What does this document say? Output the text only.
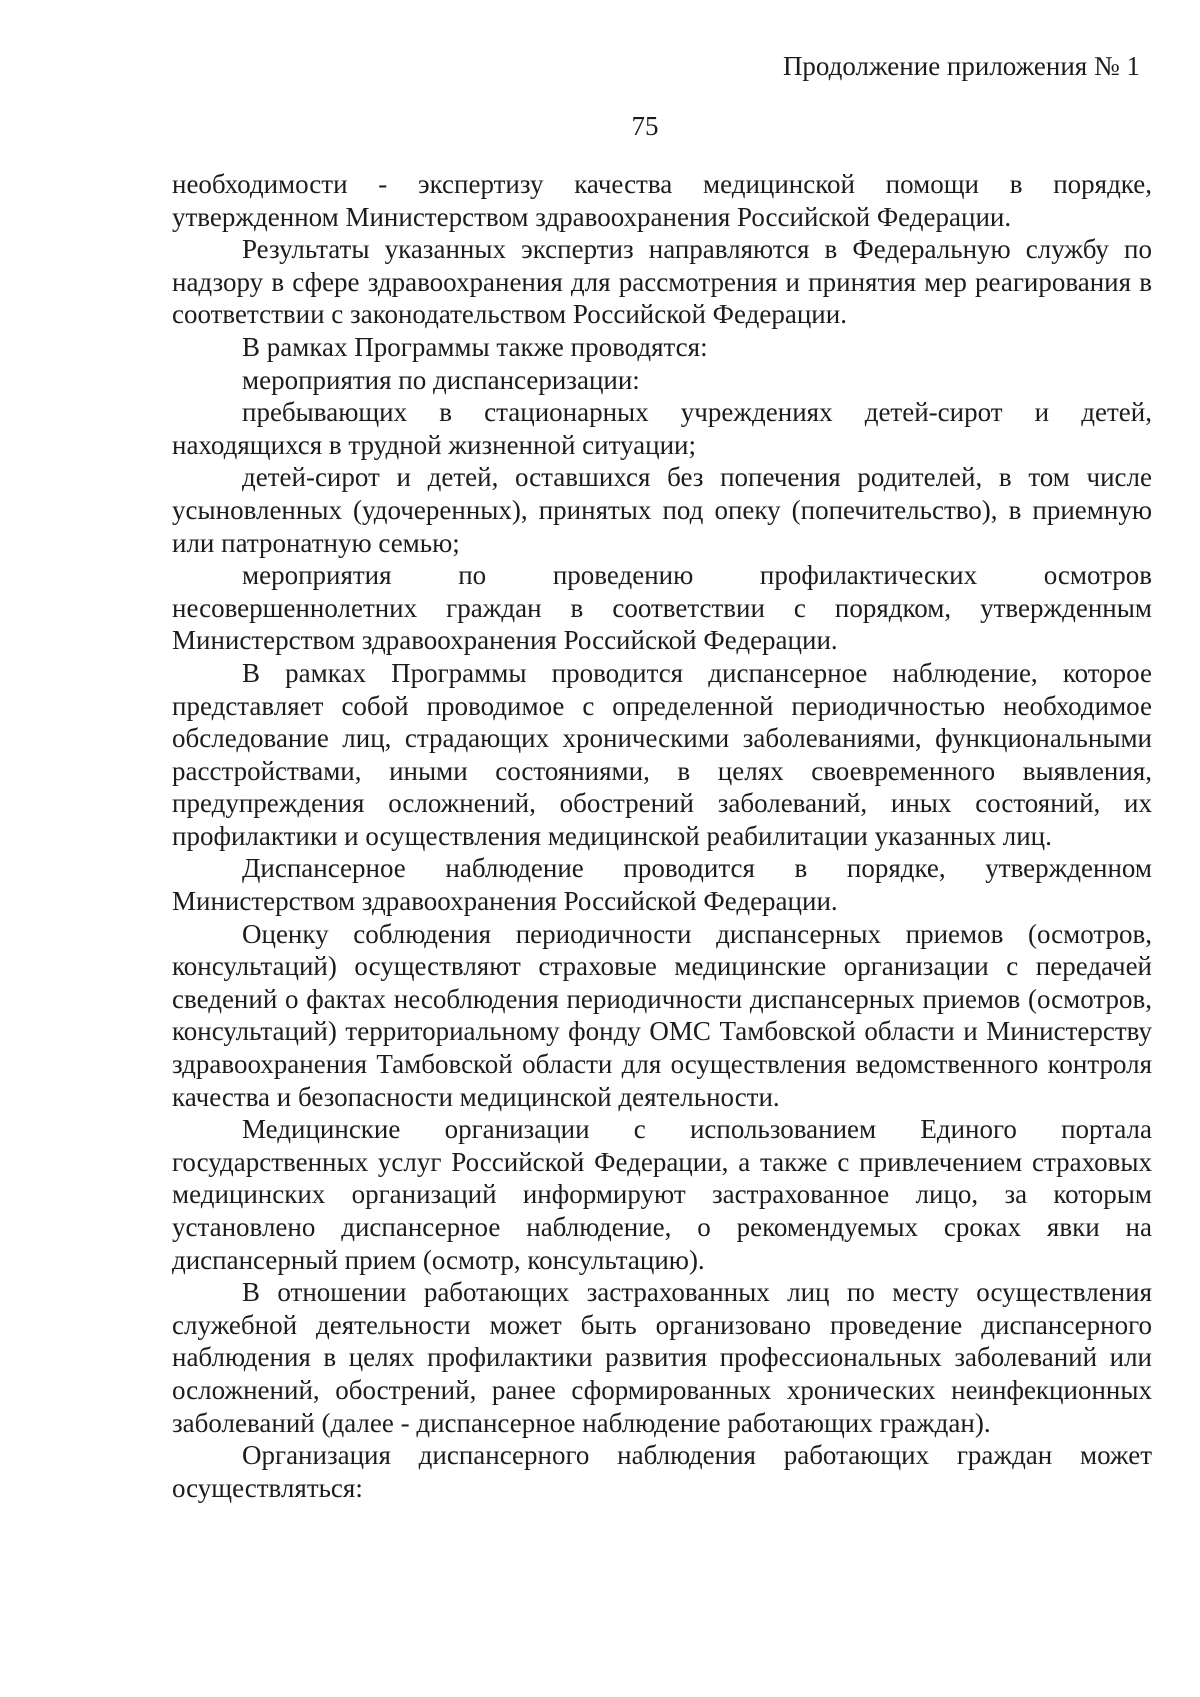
Продолжение приложения № 1
75

необходимости - экспертизу качества медицинской помощи в порядке, утвержденном Министерством здравоохранения Российской Федерации.

Результаты указанных экспертиз направляются в Федеральную службу по надзору в сфере здравоохранения для рассмотрения и принятия мер реагирования в соответствии с законодательством Российской Федерации.

В рамках Программы также проводятся:

мероприятия по диспансеризации:

пребывающих в стационарных учреждениях детей-сирот и детей, находящихся в трудной жизненной ситуации;

детей-сирот и детей, оставшихся без попечения родителей, в том числе усыновленных (удочеренных), принятых под опеку (попечительство), в приемную или патронатную семью;

мероприятия по проведению профилактических осмотров несовершеннолетних граждан в соответствии с порядком, утвержденным Министерством здравоохранения Российской Федерации.

В рамках Программы проводится диспансерное наблюдение, которое представляет собой проводимое с определенной периодичностью необходимое обследование лиц, страдающих хроническими заболеваниями, функциональными расстройствами, иными состояниями, в целях своевременного выявления, предупреждения осложнений, обострений заболеваний, иных состояний, их профилактики и осуществления медицинской реабилитации указанных лиц.

Диспансерное наблюдение проводится в порядке, утвержденном Министерством здравоохранения Российской Федерации.

Оценку соблюдения периодичности диспансерных приемов (осмотров, консультаций) осуществляют страховые медицинские организации с передачей сведений о фактах несоблюдения периодичности диспансерных приемов (осмотров, консультаций) территориальному фонду ОМС Тамбовской области и Министерству здравоохранения Тамбовской области для осуществления ведомственного контроля качества и безопасности медицинской деятельности.

Медицинские организации с использованием Единого портала государственных услуг Российской Федерации, а также с привлечением страховых медицинских организаций информируют застрахованное лицо, за которым установлено диспансерное наблюдение, о рекомендуемых сроках явки на диспансерный прием (осмотр, консультацию).

В отношении работающих застрахованных лиц по месту осуществления служебной деятельности может быть организовано проведение диспансерного наблюдения в целях профилактики развития профессиональных заболеваний или осложнений, обострений, ранее сформированных хронических неинфекционных заболеваний (далее - диспансерное наблюдение работающих граждан).

Организация диспансерного наблюдения работающих граждан может осуществляться:
